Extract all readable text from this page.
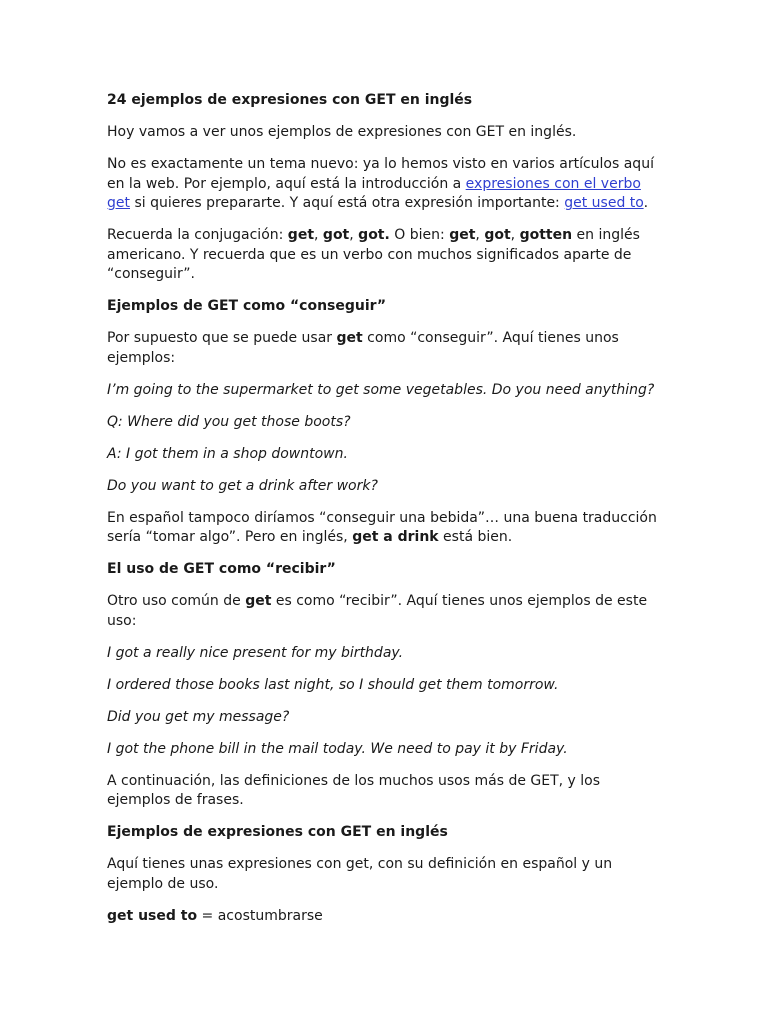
24 ejemplos de expresiones con GET en inglés

Hoy vamos a ver unos ejemplos de expresiones con GET en inglés.

No es exactamente un tema nuevo: ya lo hemos visto en varios artículos aquí en la web. Por ejemplo, aquí está la introducción a expresiones con el verbo get si quieres prepararte. Y aquí está otra expresión importante: get used to.

Recuerda la conjugación: get, got, got. O bien: get, got, gotten en inglés americano. Y recuerda que es un verbo con muchos significados aparte de “conseguir”.

Ejemplos de GET como “conseguir”

Por supuesto que se puede usar get como “conseguir”. Aquí tienes unos ejemplos:

I’m going to the supermarket to get some vegetables. Do you need anything?

Q: Where did you get those boots?

A: I got them in a shop downtown.

Do you want to get a drink after work?

En español tampoco diríamos “conseguir una bebida”… una buena traducción sería “tomar algo”. Pero en inglés, get a drink está bien.

El uso de GET como “recibir”

Otro uso común de get es como “recibir”. Aquí tienes unos ejemplos de este uso:

I got a really nice present for my birthday.

I ordered those books last night, so I should get them tomorrow.

Did you get my message?

I got the phone bill in the mail today. We need to pay it by Friday.

A continuación, las definiciones de los muchos usos más de GET, y los ejemplos de frases.

Ejemplos de expresiones con GET en inglés

Aquí tienes unas expresiones con get, con su definición en español y un ejemplo de uso.

get used to = acostumbrarse
